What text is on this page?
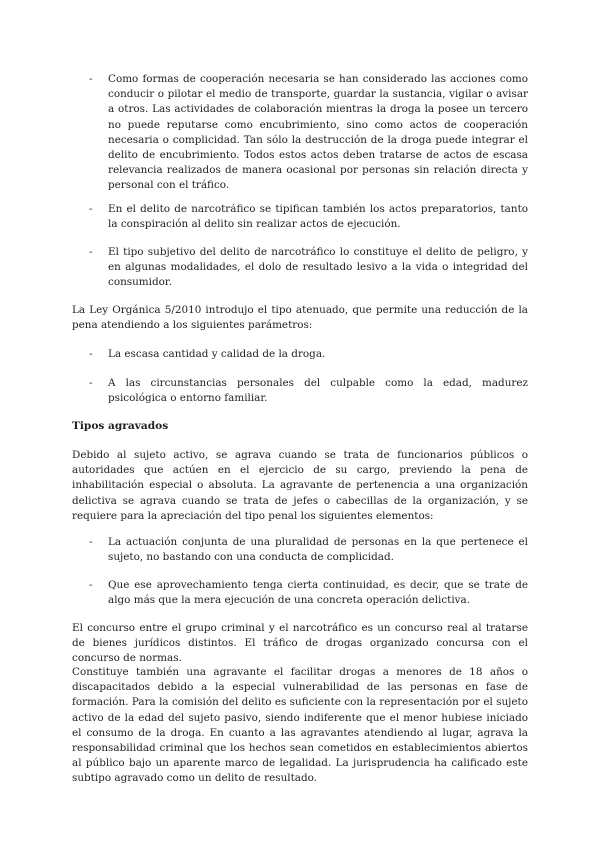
-	Como formas de cooperación necesaria se han considerado las acciones como conducir o pilotar el medio de transporte, guardar la sustancia, vigilar o avisar a otros. Las actividades de colaboración mientras la droga la posee un tercero no puede reputarse como encubrimiento, sino como actos de cooperación necesaria o complicidad. Tan sólo la destrucción de la droga puede integrar el delito de encubrimiento. Todos estos actos deben tratarse de actos de escasa relevancia realizados de manera ocasional por personas sin relación directa y personal con el tráfico.

-	En el delito de narcotráfico se tipifican también los actos preparatorios, tanto la conspiración al delito sin realizar actos de ejecución.

-	El tipo subjetivo del delito de narcotráfico lo constituye el delito de peligro, y en algunas modalidades, el dolo de resultado lesivo a la vida o integridad del consumidor.

La Ley Orgánica 5/2010 introdujo el tipo atenuado, que permite una reducción de la pena atendiendo a los siguientes parámetros:

-	La escasa cantidad y calidad de la droga.

-	A las circunstancias personales del culpable como la edad, madurez psicológica o entorno familiar.

Tipos agravados

Debido al sujeto activo, se agrava cuando se trata de funcionarios públicos o autoridades que actúen en el ejercicio de su cargo, previendo la pena de inhabilitación especial o absoluta. La agravante de pertenencia a una organización delictiva se agrava cuando se trata de jefes o cabecillas de la organización, y se requiere para la apreciación del tipo penal los siguientes elementos:

-	La actuación conjunta de una pluralidad de personas en la que pertenece el sujeto, no bastando con una conducta de complicidad.

-	Que ese aprovechamiento tenga cierta continuidad, es decir, que se trate de algo más que la mera ejecución de una concreta operación delictiva.

El concurso entre el grupo criminal y el narcotráfico es un concurso real al tratarse de bienes jurídicos distintos. El tráfico de drogas organizado concursa con el concurso de normas.

Constituye también una agravante el facilitar drogas a menores de 18 años o discapacitados debido a la especial vulnerabilidad de las personas en fase de formación. Para la comisión del delito es suficiente con la representación por el sujeto activo de la edad del sujeto pasivo, siendo indiferente que el menor hubiese iniciado el consumo de la droga. En cuanto a las agravantes atendiendo al lugar, agrava la responsabilidad criminal que los hechos sean cometidos en establecimientos abiertos al público bajo un aparente marco de legalidad. La jurisprudencia ha calificado este subtipo agravado como un delito de resultado.
